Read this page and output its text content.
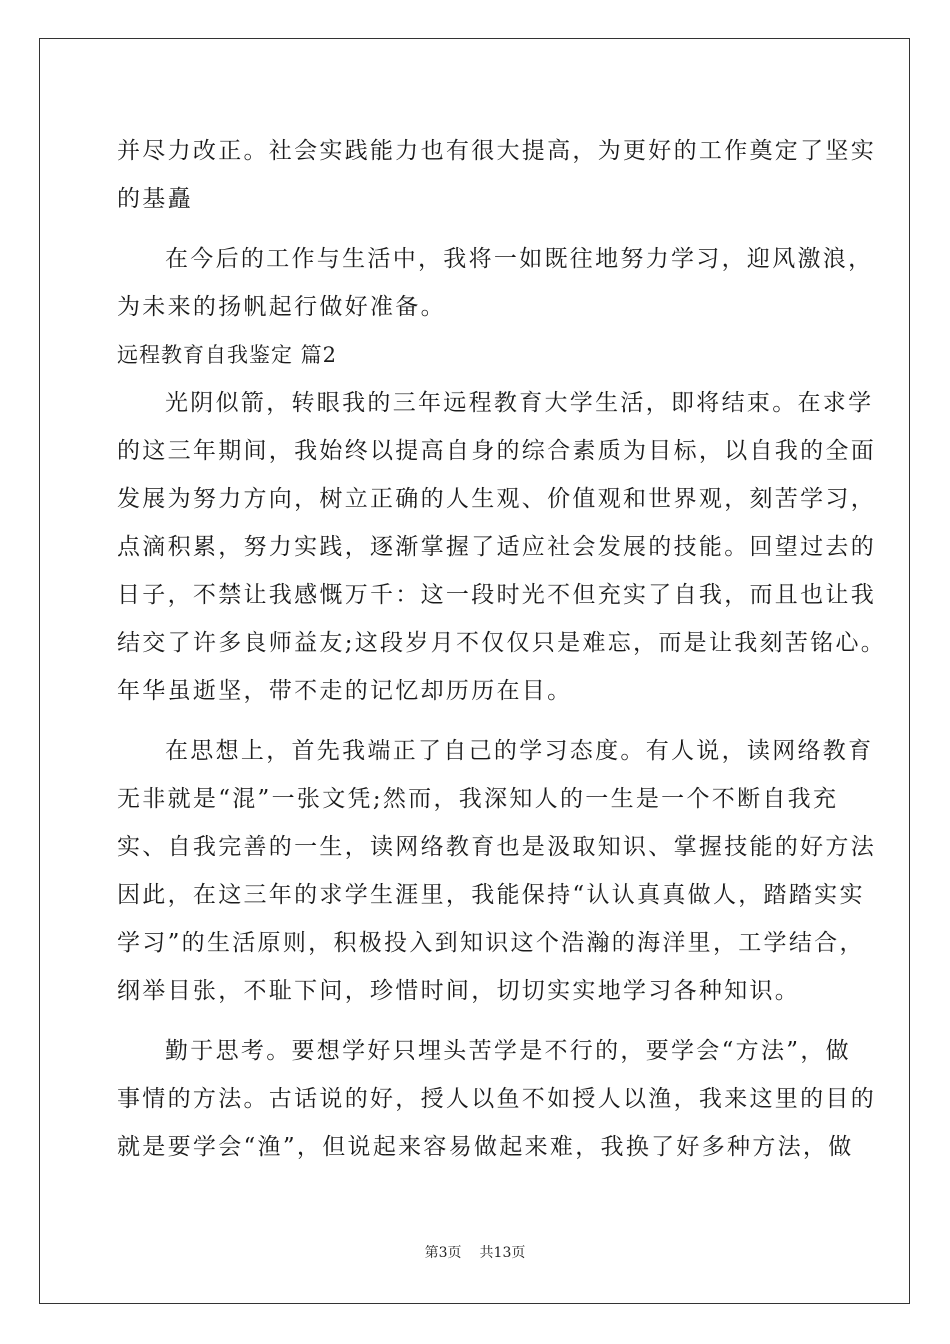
并尽力改正。社会实践能力也有很大提高，为更好的工作奠定了坚实
的基矗
在今后的工作与生活中，我将一如既往地努力学习，迎风激浪，
为未来的扬帆起行做好准备。
远程教育自我鉴定 篇2
光阴似箭，转眼我的三年远程教育大学生活，即将结束。在求学
的这三年期间，我始终以提高自身的综合素质为目标，以自我的全面
发展为努力方向，树立正确的人生观、价值观和世界观，刻苦学习，
点滴积累，努力实践，逐渐掌握了适应社会发展的技能。回望过去的
日子，不禁让我感慨万千：这一段时光不但充实了自我，而且也让我
结交了许多良师益友;这段岁月不仅仅只是难忘，而是让我刻苦铭心。
年华虽逝坚，带不走的记忆却历历在目。
在思想上，首先我端正了自己的学习态度。有人说，读网络教育
无非就是“混”一张文凭;然而，我深知人的一生是一个不断自我充
实、自我完善的一生，读网络教育也是汲取知识、掌握技能的好方法
因此，在这三年的求学生涯里，我能保持“认认真真做人，踏踏实实
学习”的生活原则，积极投入到知识这个浩瀚的海洋里，工学结合，
纲举目张，不耻下问，珍惜时间，切切实实地学习各种知识。
勤于思考。要想学好只埋头苦学是不行的，要学会“方法”，做
事情的方法。古话说的好，授人以鱼不如授人以渔，我来这里的目的
就是要学会“渔”，但说起来容易做起来难，我换了好多种方法，做
第3页 共13页
